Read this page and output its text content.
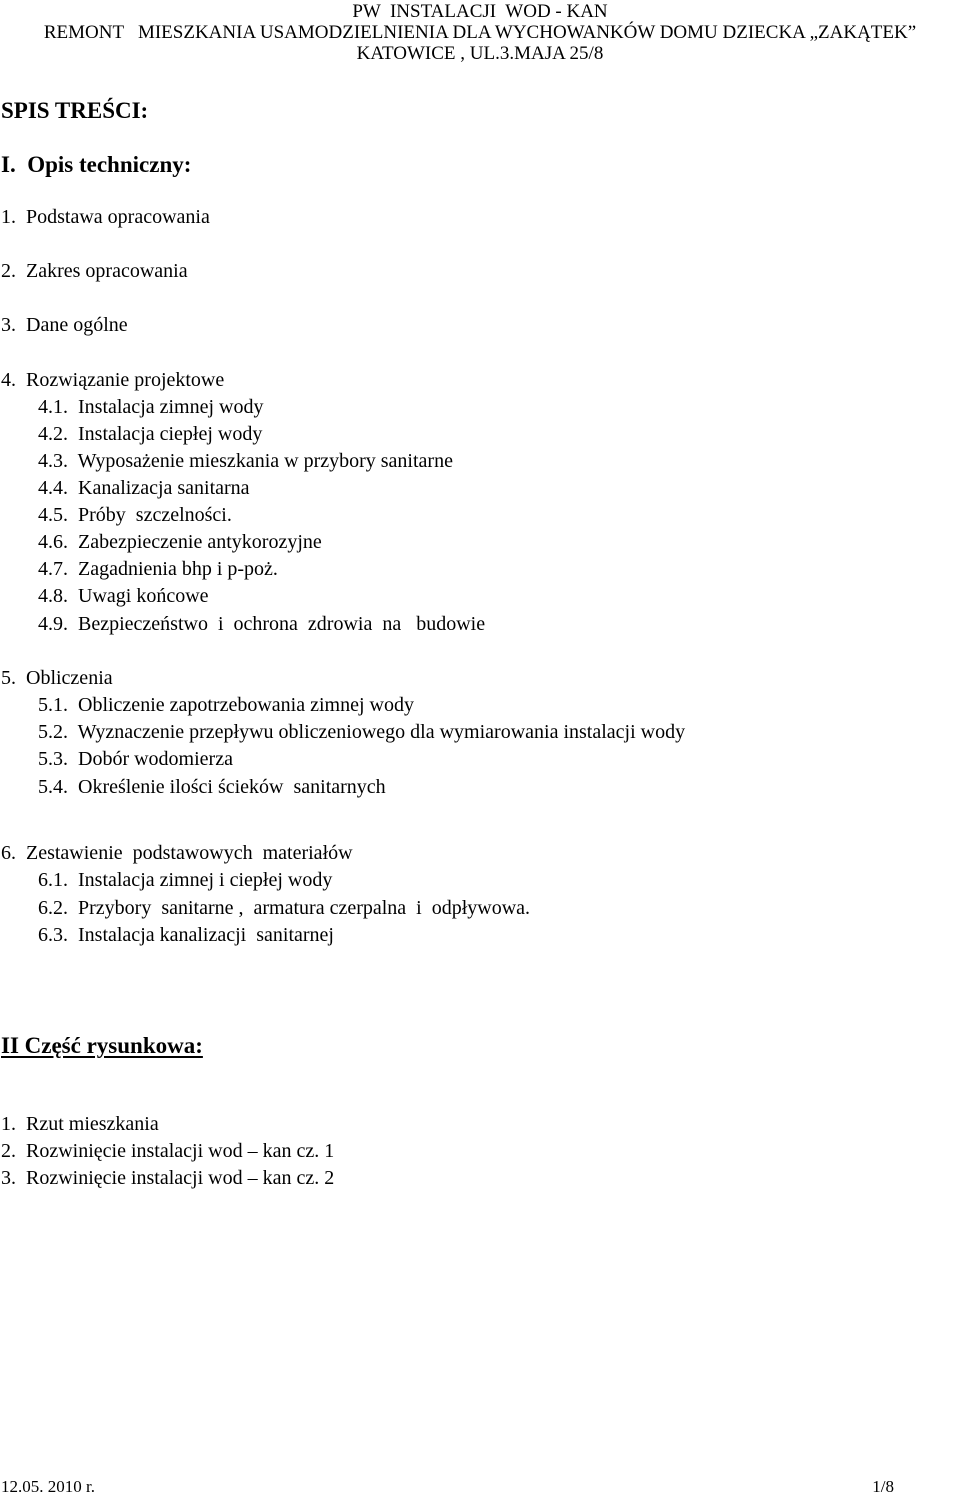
PW  INSTALACJI  WOD - KAN
REMONT   MIESZKANIA USAMODZIELNIENIA DLA WYCHOWANKÓW DOMU DZIECKA „ZAKĄTEK”
KATOWICE , UL.3.MAJA 25/8
SPIS TREŚCI:
I.  Opis techniczny:
1.  Podstawa opracowania
2.  Zakres opracowania
3.  Dane ogólne
4.  Rozwiązanie projektowe
4.1.  Instalacja zimnej wody
4.2.  Instalacja ciepłej wody
4.3.  Wyposażenie mieszkania w przybory sanitarne
4.4.  Kanalizacja sanitarna
4.5.  Próby  szczelności.
4.6.  Zabezpieczenie antykorozyjne
4.7.  Zagadnienia bhp i p-poż.
4.8.  Uwagi końcowe
4.9.  Bezpieczeństwo  i  ochrona  zdrowia  na   budowie
5.  Obliczenia
5.1.  Obliczenie zapotrzebowania zimnej wody
5.2.  Wyznaczenie przepływu obliczeniowego dla wymiarowania instalacji wody
5.3.  Dobór wodomierza
5.4.  Określenie ilości ścieków  sanitarnych
6.  Zestawienie  podstawowych  materiałów
6.1.  Instalacja zimnej i ciepłej wody
6.2.  Przybory  sanitarne ,  armatura czerpalna  i  odpływowa.
6.3.  Instalacja kanalizacji  sanitarnej
II Część rysunkowa:
1.  Rzut mieszkania
2.  Rozwinięcie instalacji wod – kan cz. 1
3.  Rozwinięcie instalacji wod – kan cz. 2
12.05. 2010 r.	1/8
